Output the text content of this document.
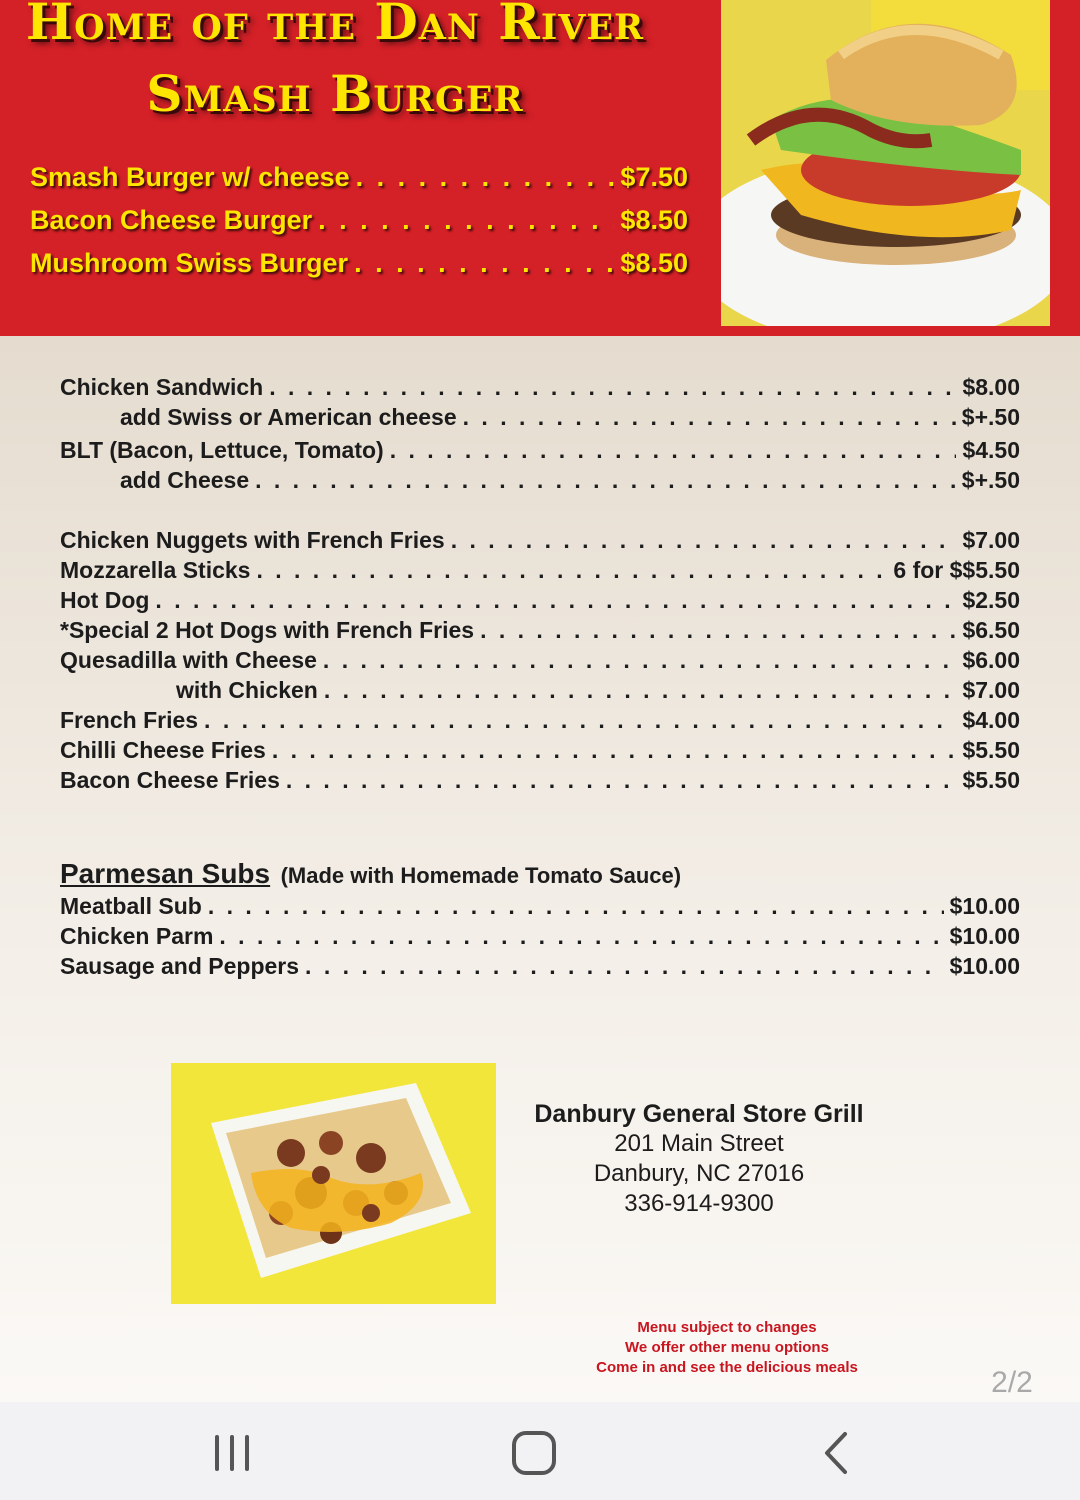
Home of the Dan River
Smash Burger
Smash Burger w/ cheese . . .	$7.50
Bacon Cheese Burger . . .	$8.50
Mushroom Swiss Burger . . .	$8.50
Chicken Sandwich . . .	$8.00
add Swiss or American cheese . . .	$+.50
BLT (Bacon, Lettuce, Tomato) . . .	$4.50
add Cheese . . .	$+.50
Chicken Nuggets with French Fries . . .	$7.00
Mozzarella Sticks . . .	6 for $$5.50
Hot Dog . . .	$2.50
*Special 2 Hot Dogs with French Fries . . .	$6.50
Quesadilla with Cheese . . .	$6.00
with Chicken . . .	$7.00
French Fries . . .	$4.00
Chilli Cheese Fries . . .	$5.50
Bacon Cheese Fries . . .	$5.50
Parmesan Subs (Made with Homemade Tomato Sauce)
Meatball Sub . . .	$10.00
Chicken Parm . . .	$10.00
Sausage and Peppers . . .	$10.00
Danbury General Store Grill
201 Main Street
Danbury, NC 27016
336-914-9300
Menu subject to changes
We offer other menu options
Come in and see the delicious meals	2/2
